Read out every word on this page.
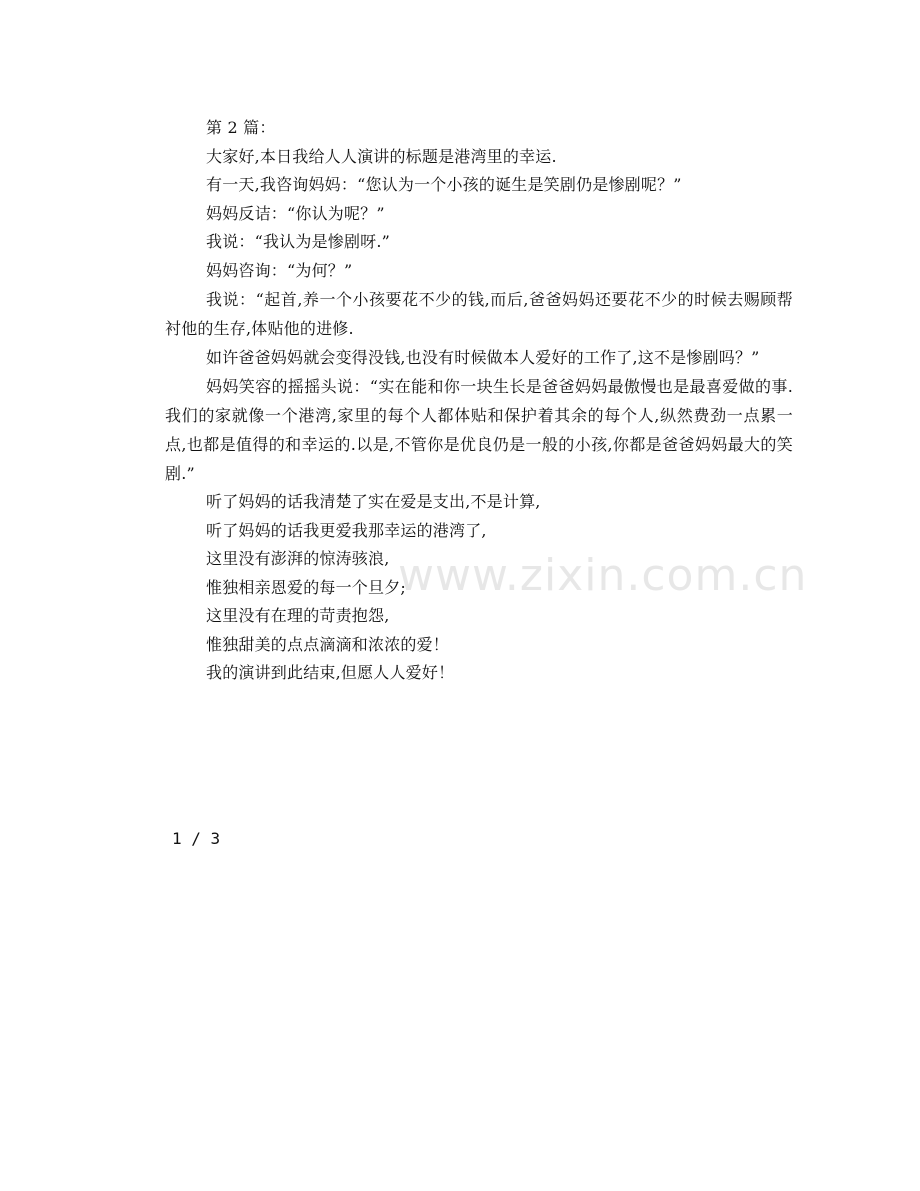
www.zixin.com.cn

第 2 篇：

大家好,本日我给人人演讲的标题是港湾里的幸运.

有一天,我咨询妈妈：“您认为一个小孩的诞生是笑剧仍是惨剧呢？”

妈妈反诘：“你认为呢？”

我说：“我认为是惨剧呀.”

妈妈咨询：“为何？”

我说：“起首,养一个小孩要花不少的钱,而后,爸爸妈妈还要花不少的时候去赐顾帮衬他的生存,体贴他的进修.

如许爸爸妈妈就会变得没钱,也没有时候做本人爱好的工作了,这不是惨剧吗？”

妈妈笑容的摇摇头说：“实在能和你一块生长是爸爸妈妈最傲慢也是最喜爱做的事.我们的家就像一个港湾,家里的每个人都体贴和保护着其余的每个人,纵然费劲一点累一点,也都是值得的和幸运的.以是,不管你是优良仍是一般的小孩,你都是爸爸妈妈最大的笑剧.”

听了妈妈的话我清楚了实在爱是支出,不是计算,

听了妈妈的话我更爱我那幸运的港湾了,

这里没有澎湃的惊涛骇浪,

惟独相亲恩爱的每一个旦夕;

这里没有在理的苛责抱怨,

惟独甜美的点点滴滴和浓浓的爱！

我的演讲到此结束,但愿人人爱好！

1 / 3
